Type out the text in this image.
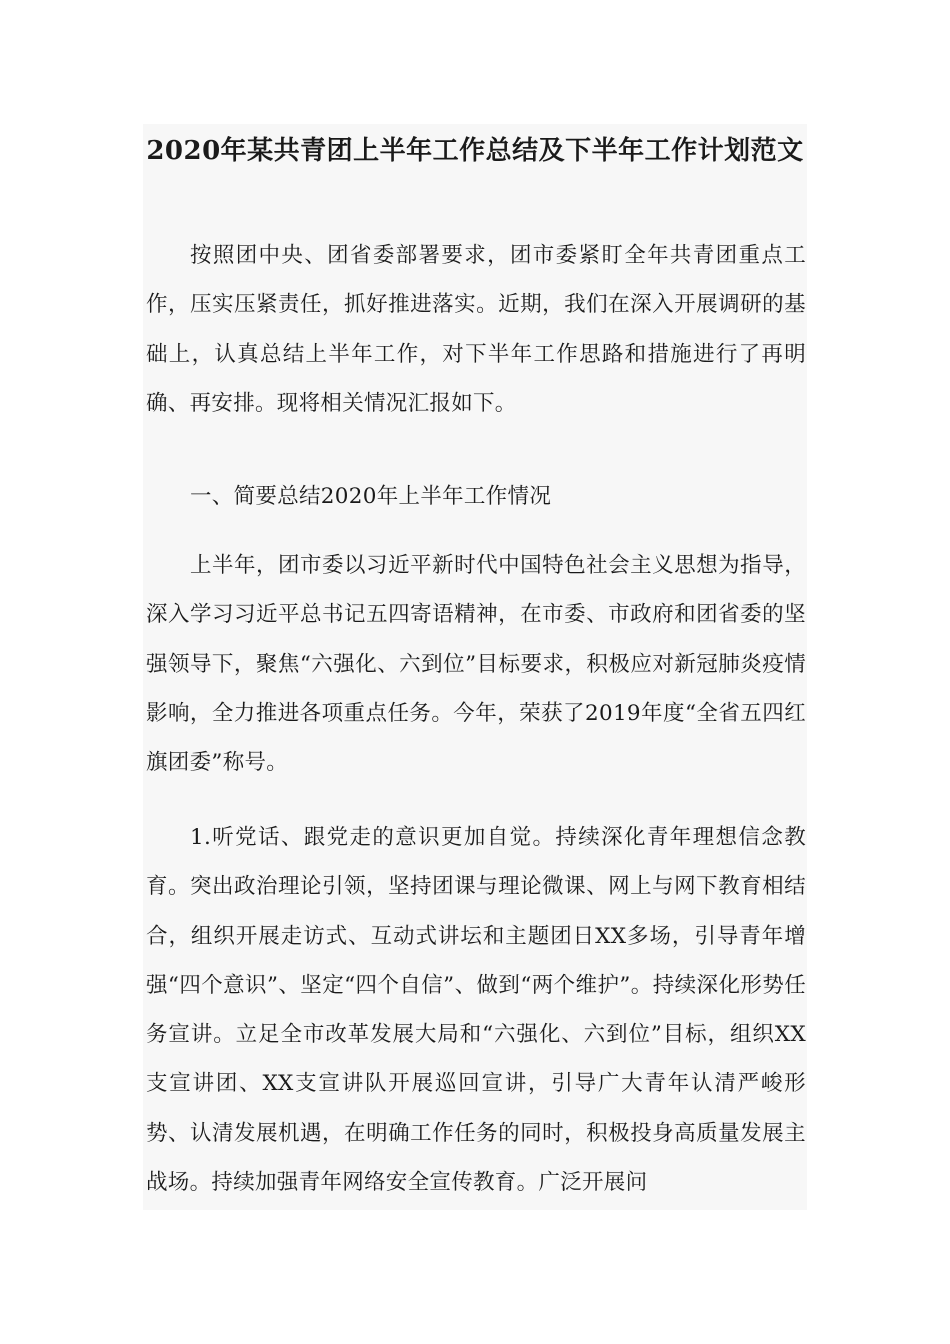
2020年某共青团上半年工作总结及下半年工作计划范文

按照团中央、团省委部署要求，团市委紧盯全年共青团重点工作，压实压紧责任，抓好推进落实。近期，我们在深入开展调研的基础上，认真总结上半年工作，对下半年工作思路和措施进行了再明确、再安排。现将相关情况汇报如下。

一、简要总结2020年上半年工作情况

上半年，团市委以习近平新时代中国特色社会主义思想为指导，深入学习习近平总书记五四寄语精神，在市委、市政府和团省委的坚强领导下，聚焦“六强化、六到位”目标要求，积极应对新冠肺炎疫情影响，全力推进各项重点任务。今年，荣获了2019年度“全省五四红旗团委”称号。

1.听党话、跟党走的意识更加自觉。持续深化青年理想信念教育。突出政治理论引领，坚持团课与理论微课、网上与网下教育相结合，组织开展走访式、互动式讲坛和主题团日XX多场，引导青年增强“四个意识”、坚定“四个自信”、做到“两个维护”。持续深化形势任务宣讲。立足全市改革发展大局和“六强化、六到位”目标，组织XX支宣讲团、XX支宣讲队开展巡回宣讲，引导广大青年认清严峻形势、认清发展机遇，在明确工作任务的同时，积极投身高质量发展主战场。持续加强青年网络安全宣传教育。广泛开展问
